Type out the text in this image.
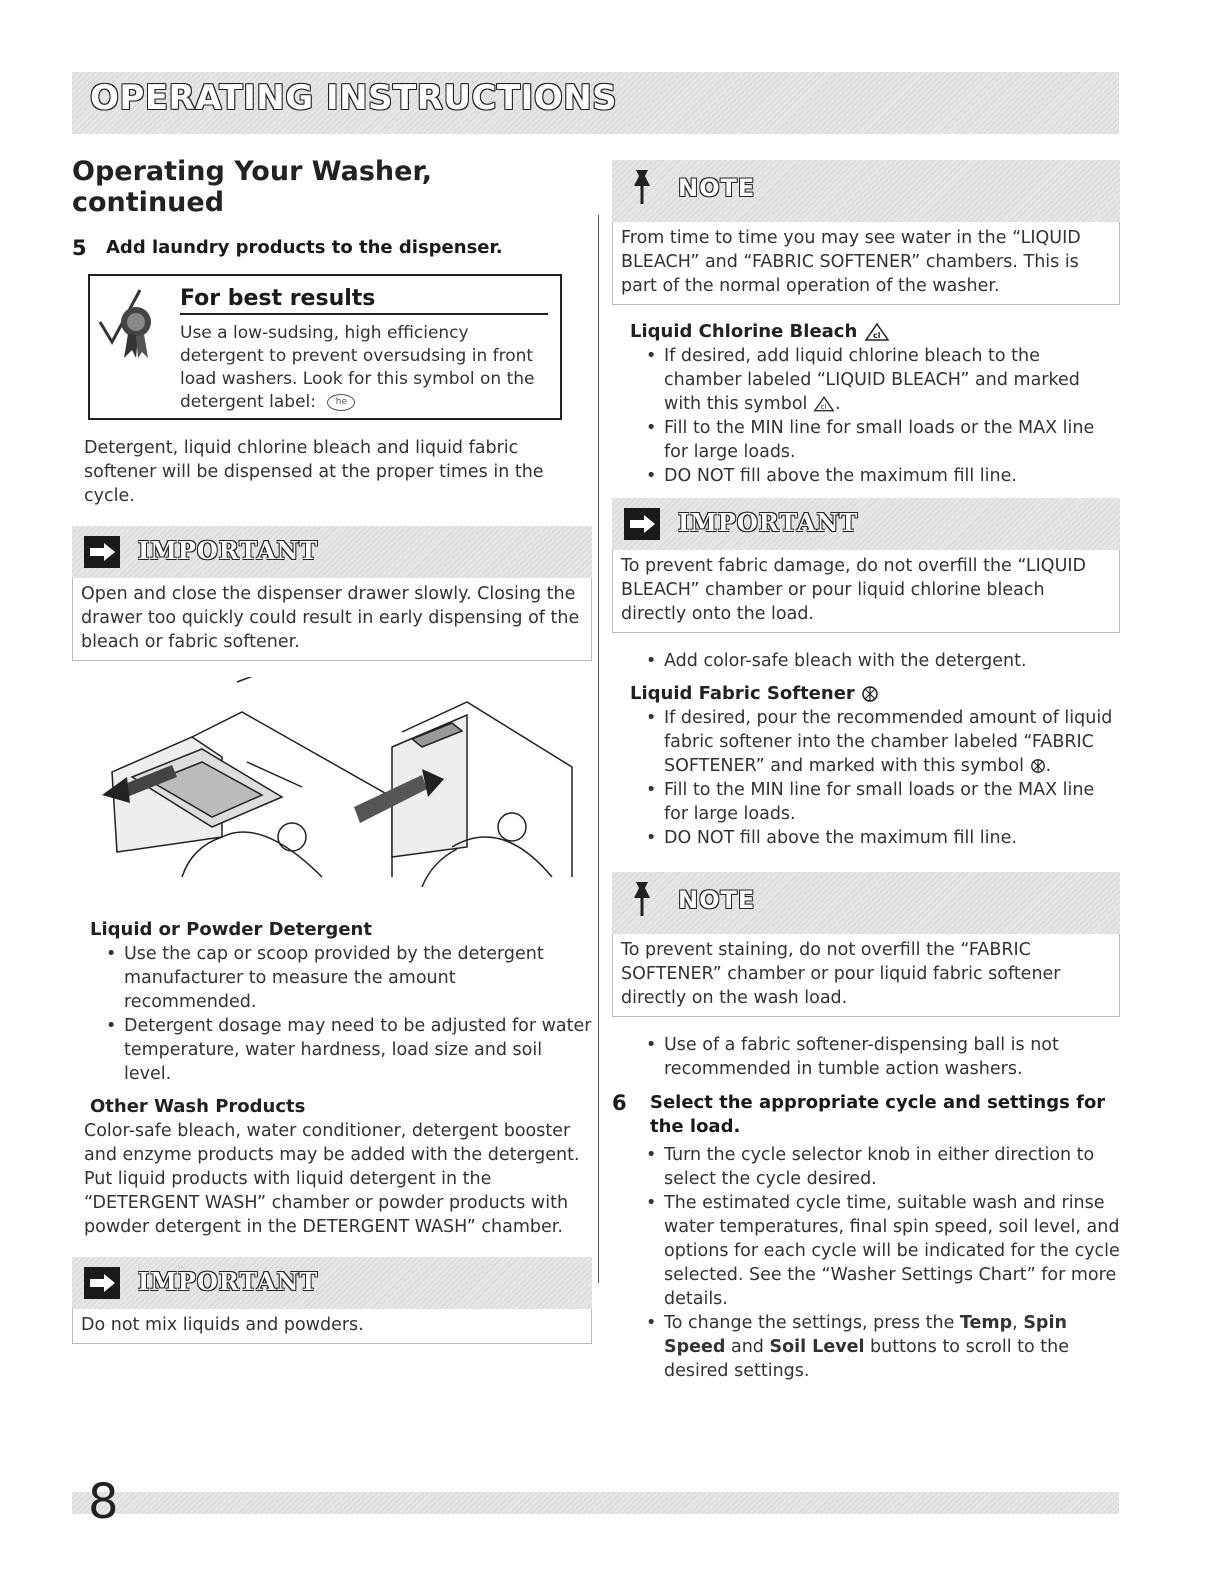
OPERATING INSTRUCTIONS
Operating Your Washer, continued
5	Add laundry products to the dispenser.
For best results
Use a low-sudsing, high efficiency detergent to prevent oversudsing in front load washers. Look for this symbol on the detergent label: he
Detergent, liquid chlorine bleach and liquid fabric softener will be dispensed at the proper times in the cycle.
IMPORTANT
Open and close the dispenser drawer slowly. Closing the drawer too quickly could result in early dispensing of the bleach or fabric softener.
Liquid or Powder Detergent
• Use the cap or scoop provided by the detergent manufacturer to measure the amount recommended.
• Detergent dosage may need to be adjusted for water temperature, water hardness, load size and soil level.
Other Wash Products
Color-safe bleach, water conditioner, detergent booster and enzyme products may be added with the detergent. Put liquid products with liquid detergent in the “DETERGENT WASH” chamber or powder products with powder detergent in the DETERGENT WASH” chamber.
IMPORTANT
Do not mix liquids and powders.
NOTE
From time to time you may see water in the “LIQUID BLEACH” and “FABRIC SOFTENER” chambers. This is part of the normal operation of the washer.
Liquid Chlorine Bleach cl
• If desired, add liquid chlorine bleach to the chamber labeled “LIQUID BLEACH” and marked with this symbol cl .
• Fill to the MIN line for small loads or the MAX line for large loads.
• DO NOT fill above the maximum fill line.
IMPORTANT
To prevent fabric damage, do not overfill the “LIQUID BLEACH” chamber or pour liquid chlorine bleach directly onto the load.
• Add color-safe bleach with the detergent.
Liquid Fabric Softener
• If desired, pour the recommended amount of liquid fabric softener into the chamber labeled “FABRIC SOFTENER” and marked with this symbol .
• Fill to the MIN line for small loads or the MAX line for large loads.
• DO NOT fill above the maximum fill line.
NOTE
To prevent staining, do not overfill the “FABRIC SOFTENER” chamber or pour liquid fabric softener directly on the wash load.
• Use of a fabric softener-dispensing ball is not recommended in tumble action washers.
6	Select the appropriate cycle and settings for the load.
• Turn the cycle selector knob in either direction to select the cycle desired.
• The estimated cycle time, suitable wash and rinse water temperatures, final spin speed, soil level, and options for each cycle will be indicated for the cycle selected. See the “Washer Settings Chart” for more details.
• To change the settings, press the Temp, Spin Speed and Soil Level buttons to scroll to the desired settings.
8
